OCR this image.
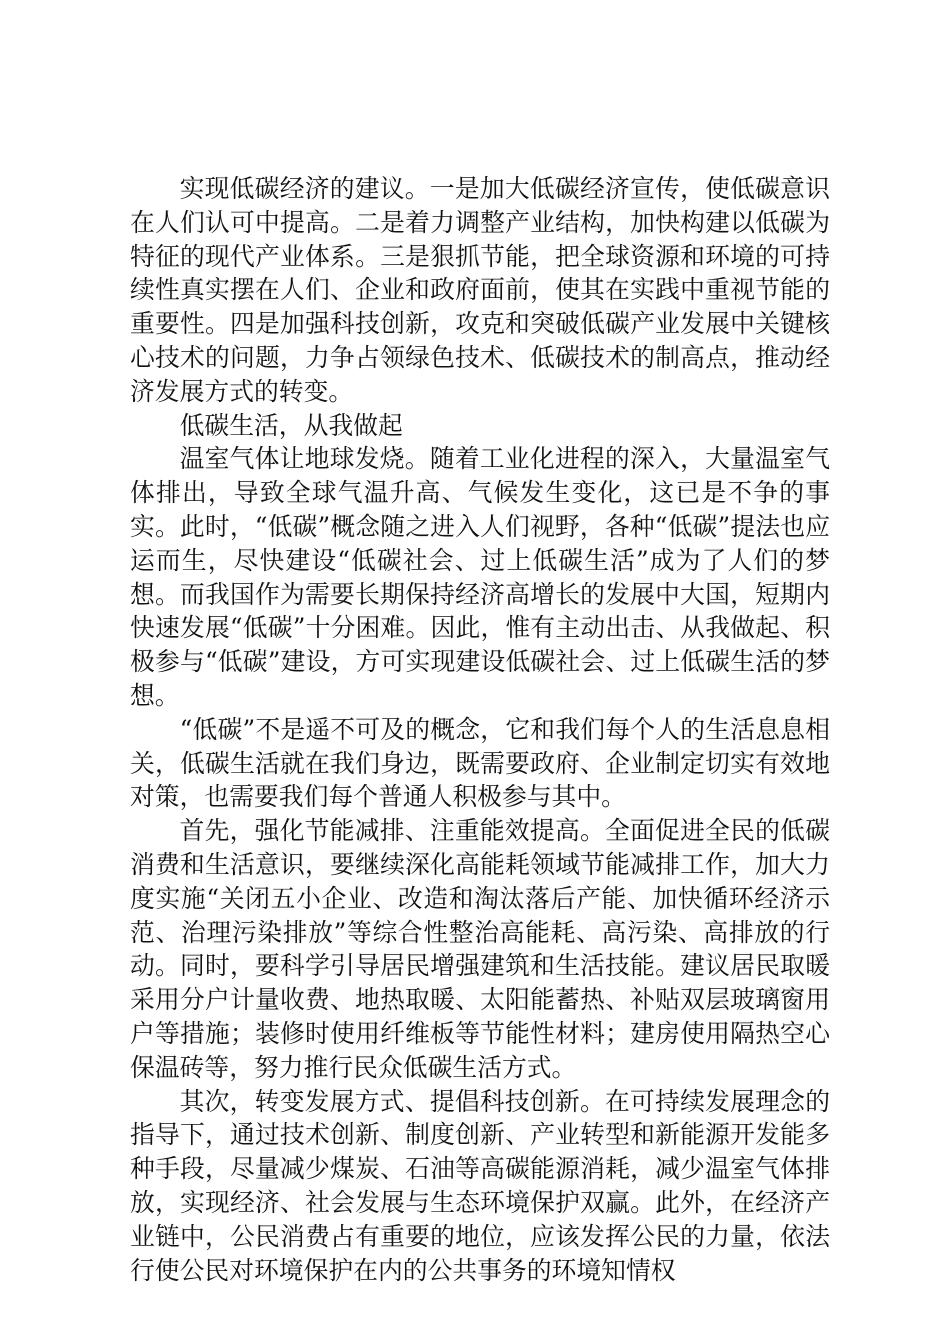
实现低碳经济的建议。一是加大低碳经济宣传，使低碳意识在人们认可中提高。二是着力调整产业结构，加快构建以低碳为特征的现代产业体系。三是狠抓节能，把全球资源和环境的可持续性真实摆在人们、企业和政府面前，使其在实践中重视节能的重要性。四是加强科技创新，攻克和突破低碳产业发展中关键核心技术的问题，力争占领绿色技术、低碳技术的制高点，推动经济发展方式的转变。

低碳生活，从我做起

温室气体让地球发烧。随着工业化进程的深入，大量温室气体排出，导致全球气温升高、气候发生变化，这已是不争的事实。此时，“低碳”概念随之进入人们视野，各种“低碳”提法也应运而生，尽快建设“低碳社会、过上低碳生活”成为了人们的梦想。而我国作为需要长期保持经济高增长的发展中大国，短期内快速发展“低碳”十分困难。因此，惟有主动出击、从我做起、积极参与“低碳”建设，方可实现建设低碳社会、过上低碳生活的梦想。

“低碳”不是遥不可及的概念，它和我们每个人的生活息息相关，低碳生活就在我们身边，既需要政府、企业制定切实有效地对策，也需要我们每个普通人积极参与其中。

首先，强化节能减排、注重能效提高。全面促进全民的低碳消费和生活意识，要继续深化高能耗领域节能减排工作，加大力度实施“关闭五小企业、改造和淘汰落后产能、加快循环经济示范、治理污染排放”等综合性整治高能耗、高污染、高排放的行动。同时，要科学引导居民增强建筑和生活技能。建议居民取暖采用分户计量收费、地热取暖、太阳能蓄热、补贴双层玻璃窗用户等措施；装修时使用纤维板等节能性材料；建房使用隔热空心保温砖等，努力推行民众低碳生活方式。

其次，转变发展方式、提倡科技创新。在可持续发展理念的指导下，通过技术创新、制度创新、产业转型和新能源开发能多种手段，尽量减少煤炭、石油等高碳能源消耗，减少温室气体排放，实现经济、社会发展与生态环境保护双赢。此外，在经济产业链中，公民消费占有重要的地位，应该发挥公民的力量，依法行使公民对环境保护在内的公共事务的环境知情权
